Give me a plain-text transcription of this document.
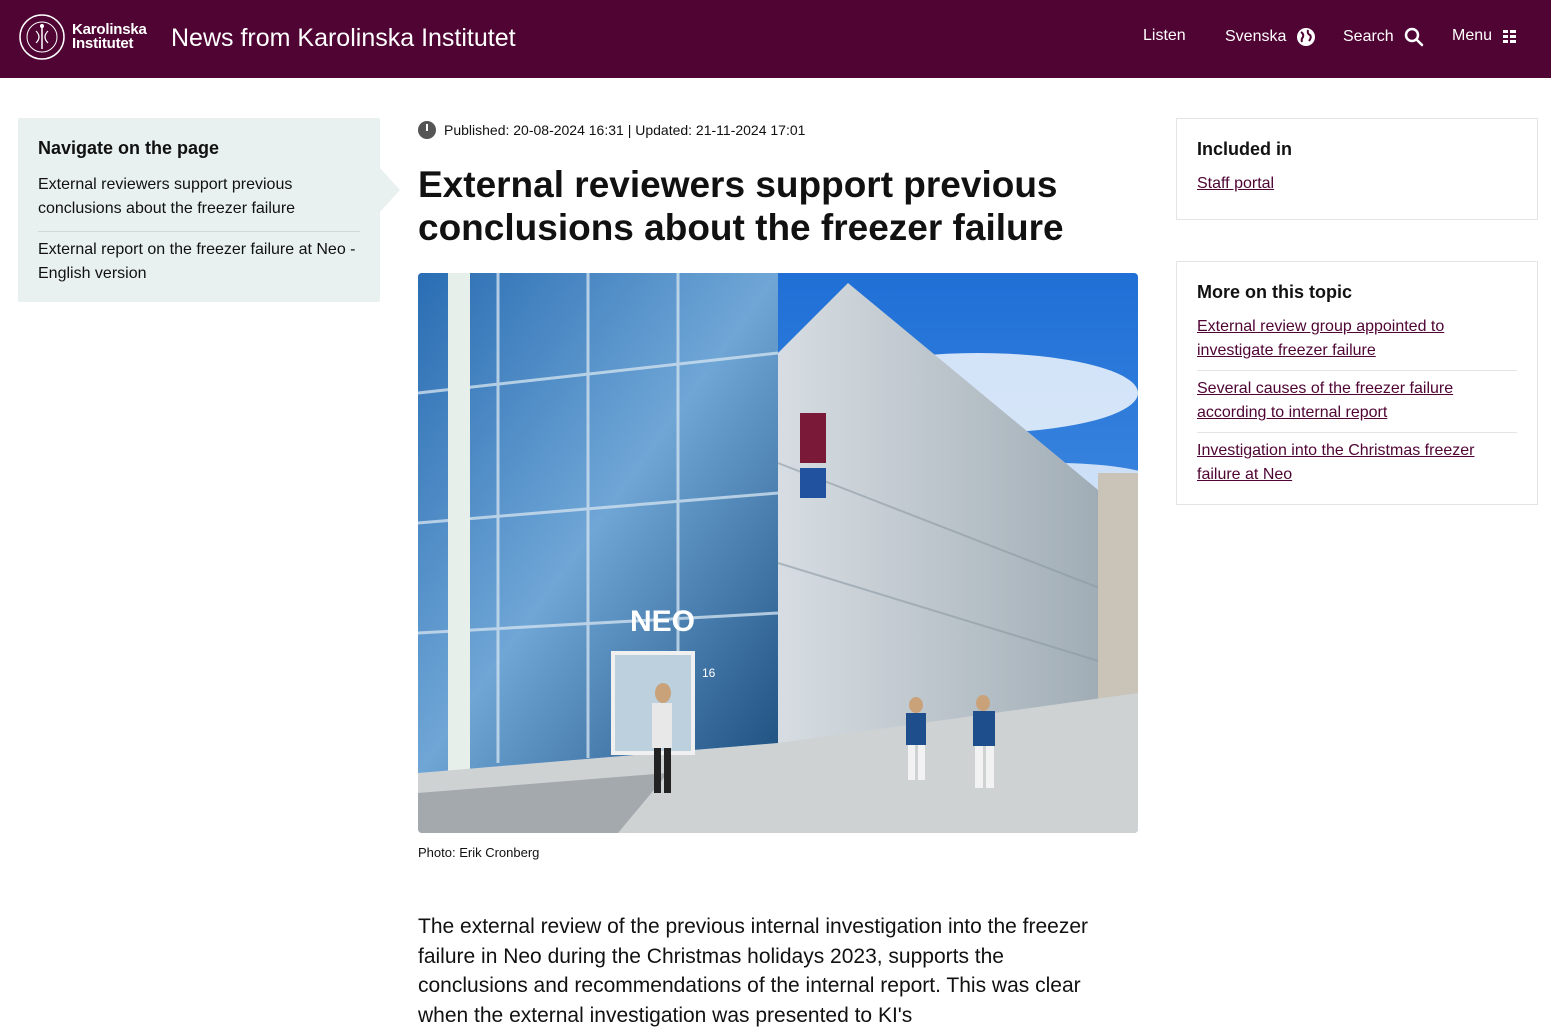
Karolinska
Institutet	News from Karolinska Institutet	Listen Svenska	Search	Menu
Navigate on the page
External reviewers support previous conclusions about the freezer failure
External report on the freezer failure at Neo - English version
Published: 20-08-2024 16:31 | Updated: 21-11-2024 17:01
External reviewers support previous conclusions about the freezer failure
NEO
16
Photo: Erik Cronberg

The external review of the previous internal investigation into the freezer failure in Neo during the Christmas holidays 2023, supports the conclusions and recommendations of the internal report. This was clear when the external investigation was presented to KI's

Included in
Staff portal
More on this topic
External review group appointed to investigate freezer failure
Several causes of the freezer failure according to internal report
Investigation into the Christmas freezer failure at Neo
